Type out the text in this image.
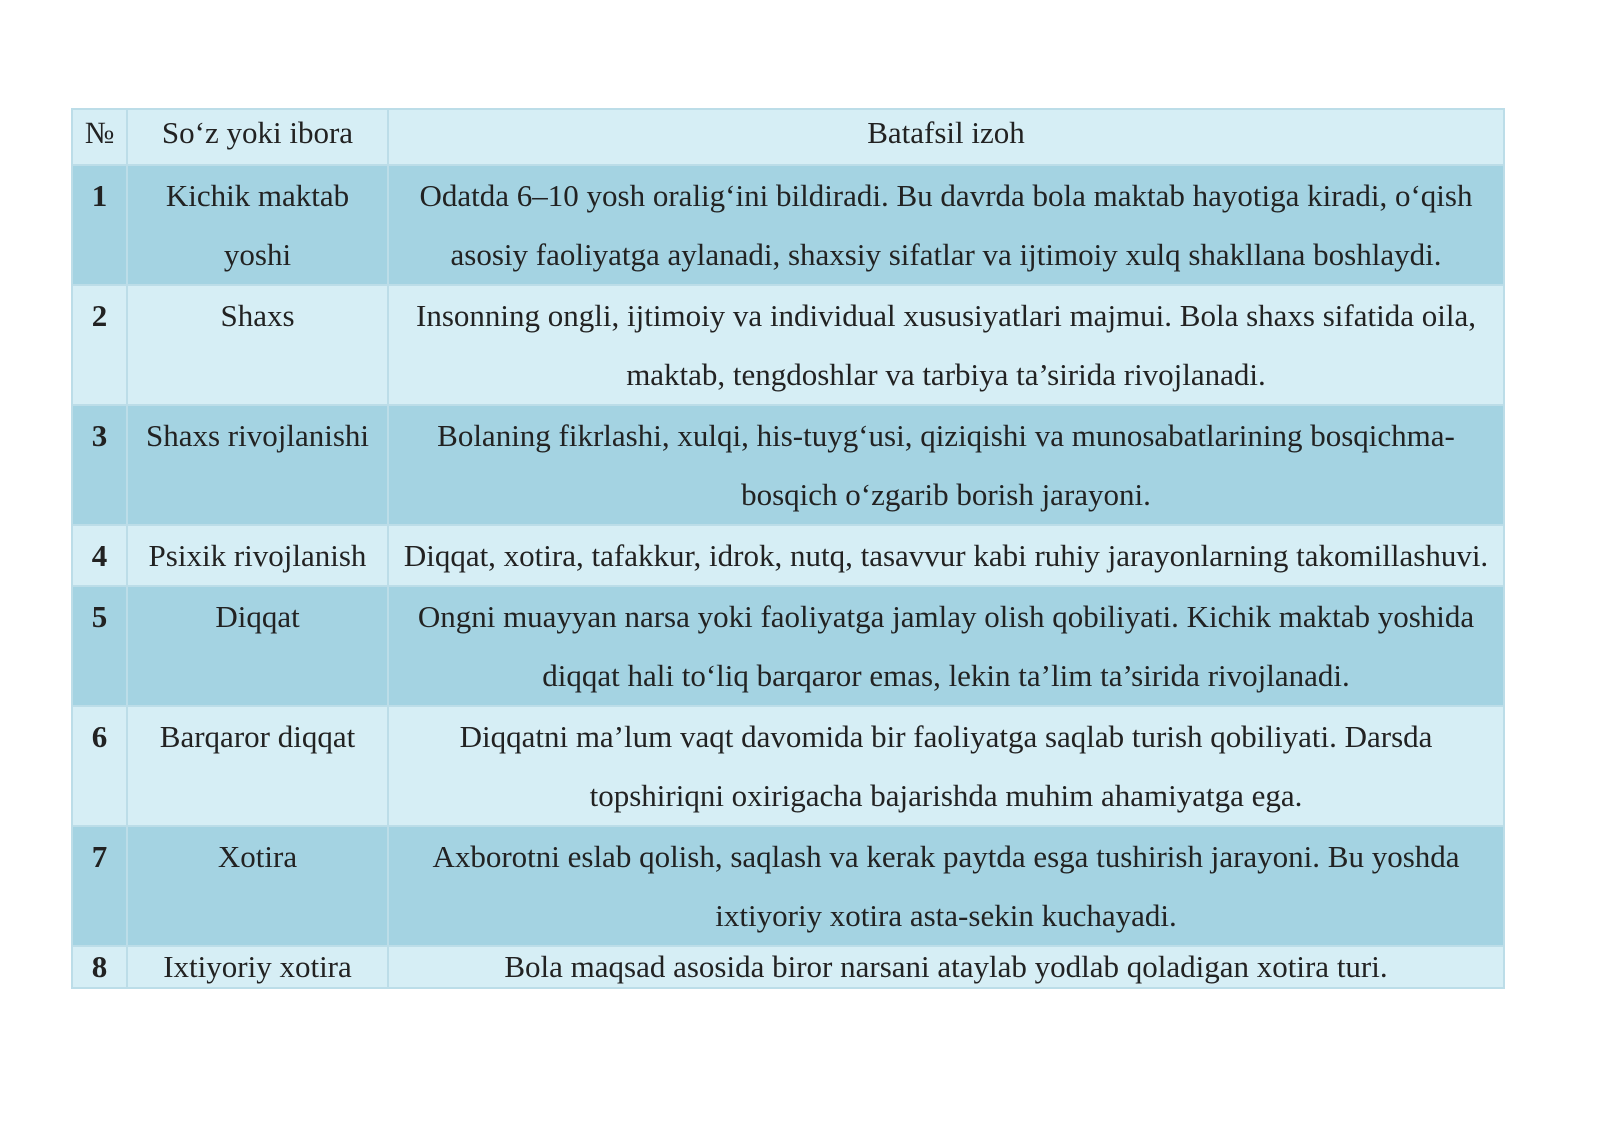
№	So‘z yoki ibora	Batafsil izoh
1	Kichik maktab yoshi	Odatda 6–10 yosh oralig‘ini bildiradi. Bu davrda bola maktab hayotiga kiradi, o‘qish asosiy faoliyatga aylanadi, shaxsiy sifatlar va ijtimoiy xulq shakllana boshlaydi.
2	Shaxs	Insonning ongli, ijtimoiy va individual xususiyatlari majmui. Bola shaxs sifatida oila, maktab, tengdoshlar va tarbiya ta’sirida rivojlanadi.
3	Shaxs rivojlanishi	Bolaning fikrlashi, xulqi, his-tuyg‘usi, qiziqishi va munosabatlarining bosqichma-bosqich o‘zgarib borish jarayoni.
4	Psixik rivojlanish	Diqqat, xotira, tafakkur, idrok, nutq, tasavvur kabi ruhiy jarayonlarning takomillashuvi.
5	Diqqat	Ongni muayyan narsa yoki faoliyatga jamlay olish qobiliyati. Kichik maktab yoshida diqqat hali to‘liq barqaror emas, lekin ta’lim ta’sirida rivojlanadi.
6	Barqaror diqqat	Diqqatni ma’lum vaqt davomida bir faoliyatga saqlab turish qobiliyati. Darsda topshiriqni oxirigacha bajarishda muhim ahamiyatga ega.
7	Xotira	Axborotni eslab qolish, saqlash va kerak paytda esga tushirish jarayoni. Bu yoshda ixtiyoriy xotira asta-sekin kuchayadi.
8	Ixtiyoriy xotira	Bola maqsad asosida biror narsani ataylab yodlab qoladigan xotira turi.
